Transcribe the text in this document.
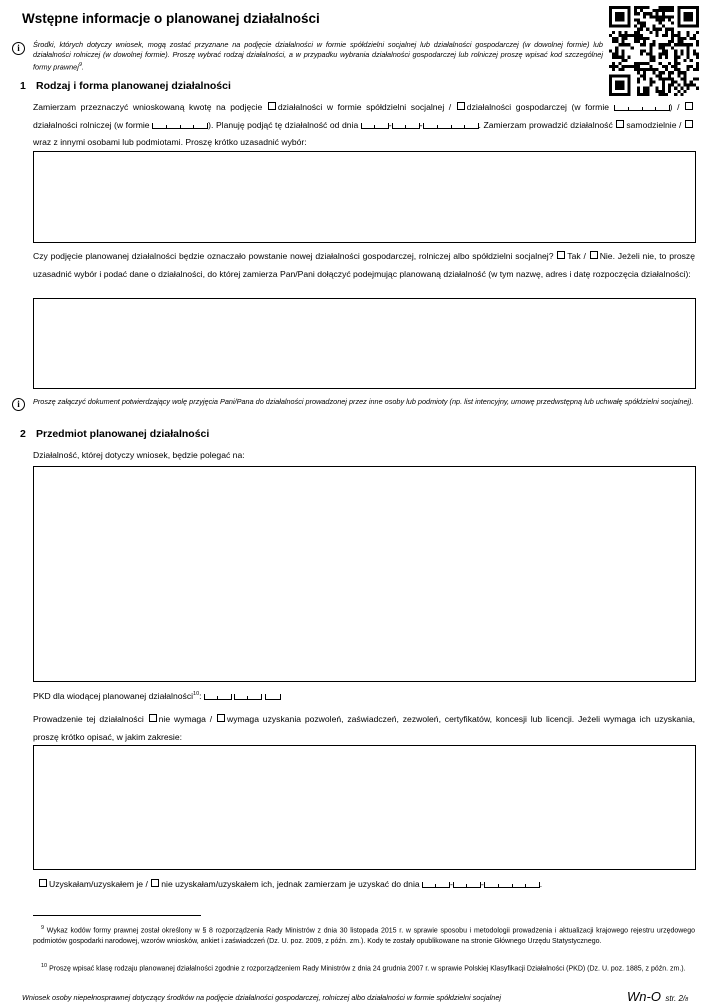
Wstępne informacje o planowanej działalności
i	Środki, których dotyczy wniosek, mogą zostać przyznane na podjęcie działalności w formie spółdzielni socjalnej lub działalności gospodarczej (w dowolnej formie) lub działalności rolniczej (w dowolnej formie). Proszę wybrać rodzaj działalności, a w przypadku wybrania działalności gospodarczej lub rolniczej proszę wpisać kod szczególnej formy prawnej$^9$.
1 Rodzaj i forma planowanej działalności
Zamierzam przeznaczyć wnioskowaną kwotę na podjęcie działalności w formie spółdzielni socjalnej / działalności gospodarczej (w formie	) / działalności rolniczej (w formie	). Planuję podjąć tę działalność od dnia	-	-	. Zamierzam prowadzić działalność samodzielnie / wraz z innymi osobami lub podmiotami. Proszę krótko uzasadnić wybór:
Czy podjęcie planowanej działalności będzie oznaczało powstanie nowej działalności gospodarczej, rolniczej albo spółdzielni socjalnej? Tak / Nie. Jeżeli nie, to proszę uzasadnić wybór i podać dane o działalności, do której zamierza Pan/Pani dołączyć podejmując planowaną działalność (w tym nazwę, adres i datę rozpoczęcia działalności):
i	Proszę załączyć dokument potwierdzający wolę przyjęcia Pani/Pana do działalności prowadzonej przez inne osoby lub podmioty (np. list intencyjny, umowę przedwstępną lub uchwałę spółdzielni socjalnej).
2 Przedmiot planowanej działalności
Działalność, której dotyczy wniosek, będzie polegać na:
PKD dla wiodącej planowanej działalności$^{10}$:

Prowadzenie tej działalności nie wymaga / wymaga uzyskania pozwoleń, zaświadczeń, zezwoleń, certyfikatów, koncesji lub licencji. Jeżeli wymaga ich uzyskania, proszę krótko opisać, w jakim zakresie:
Uzyskałam/uzyskałem je / nie uzyskałam/uzyskałem ich, jednak zamierzam je uzyskać do dnia	-	-	.
$^9$ Wykaz kodów formy prawnej został określony w § 8 rozporządzenia Rady Ministrów z dnia 30 listopada 2015 r. w sprawie sposobu i metodologii prowadzenia i aktualizacji krajowego rejestru urzędowego podmiotów gospodarki narodowej, wzorów wniosków, ankiet i zaświadczeń (Dz. U. poz. 2009, z późn. zm.). Kody te zostały opublikowane na stronie Głównego Urzędu Statystycznego.
$^{10}$ Proszę wpisać klasę rodzaju planowanej działalności zgodnie z rozporządzeniem Rady Ministrów z dnia 24 grudnia 2007 r. w sprawie Polskiej Klasyfikacji Działalności (PKD) (Dz. U. poz. 1885, z późn. zm.).
Wniosek osoby niepełnosprawnej dotyczący środków na podjęcie działalności gospodarczej, rolniczej albo działalności w formie spółdzielni socjalnej	Wn-O str. 2/8
